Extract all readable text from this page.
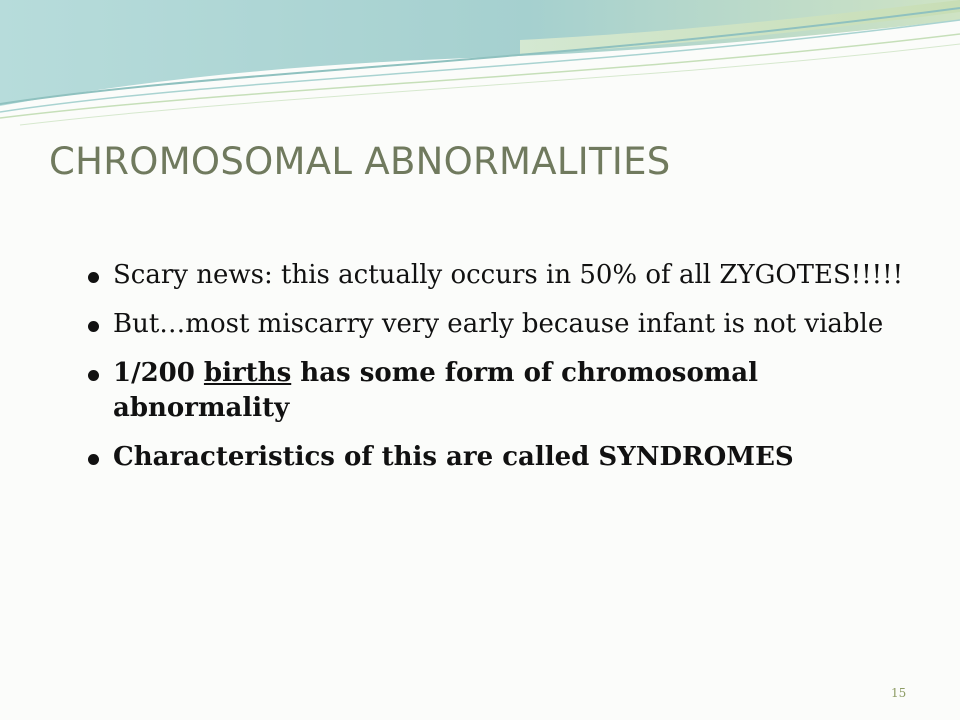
CHROMOSOMAL ABNORMALITIES
Scary news: this actually occurs in 50% of all ZYGOTES!!!!!
But…most miscarry very early because infant is not viable
1/200 births has some form of chromosomal abnormality
Characteristics of this are called SYNDROMES
15
